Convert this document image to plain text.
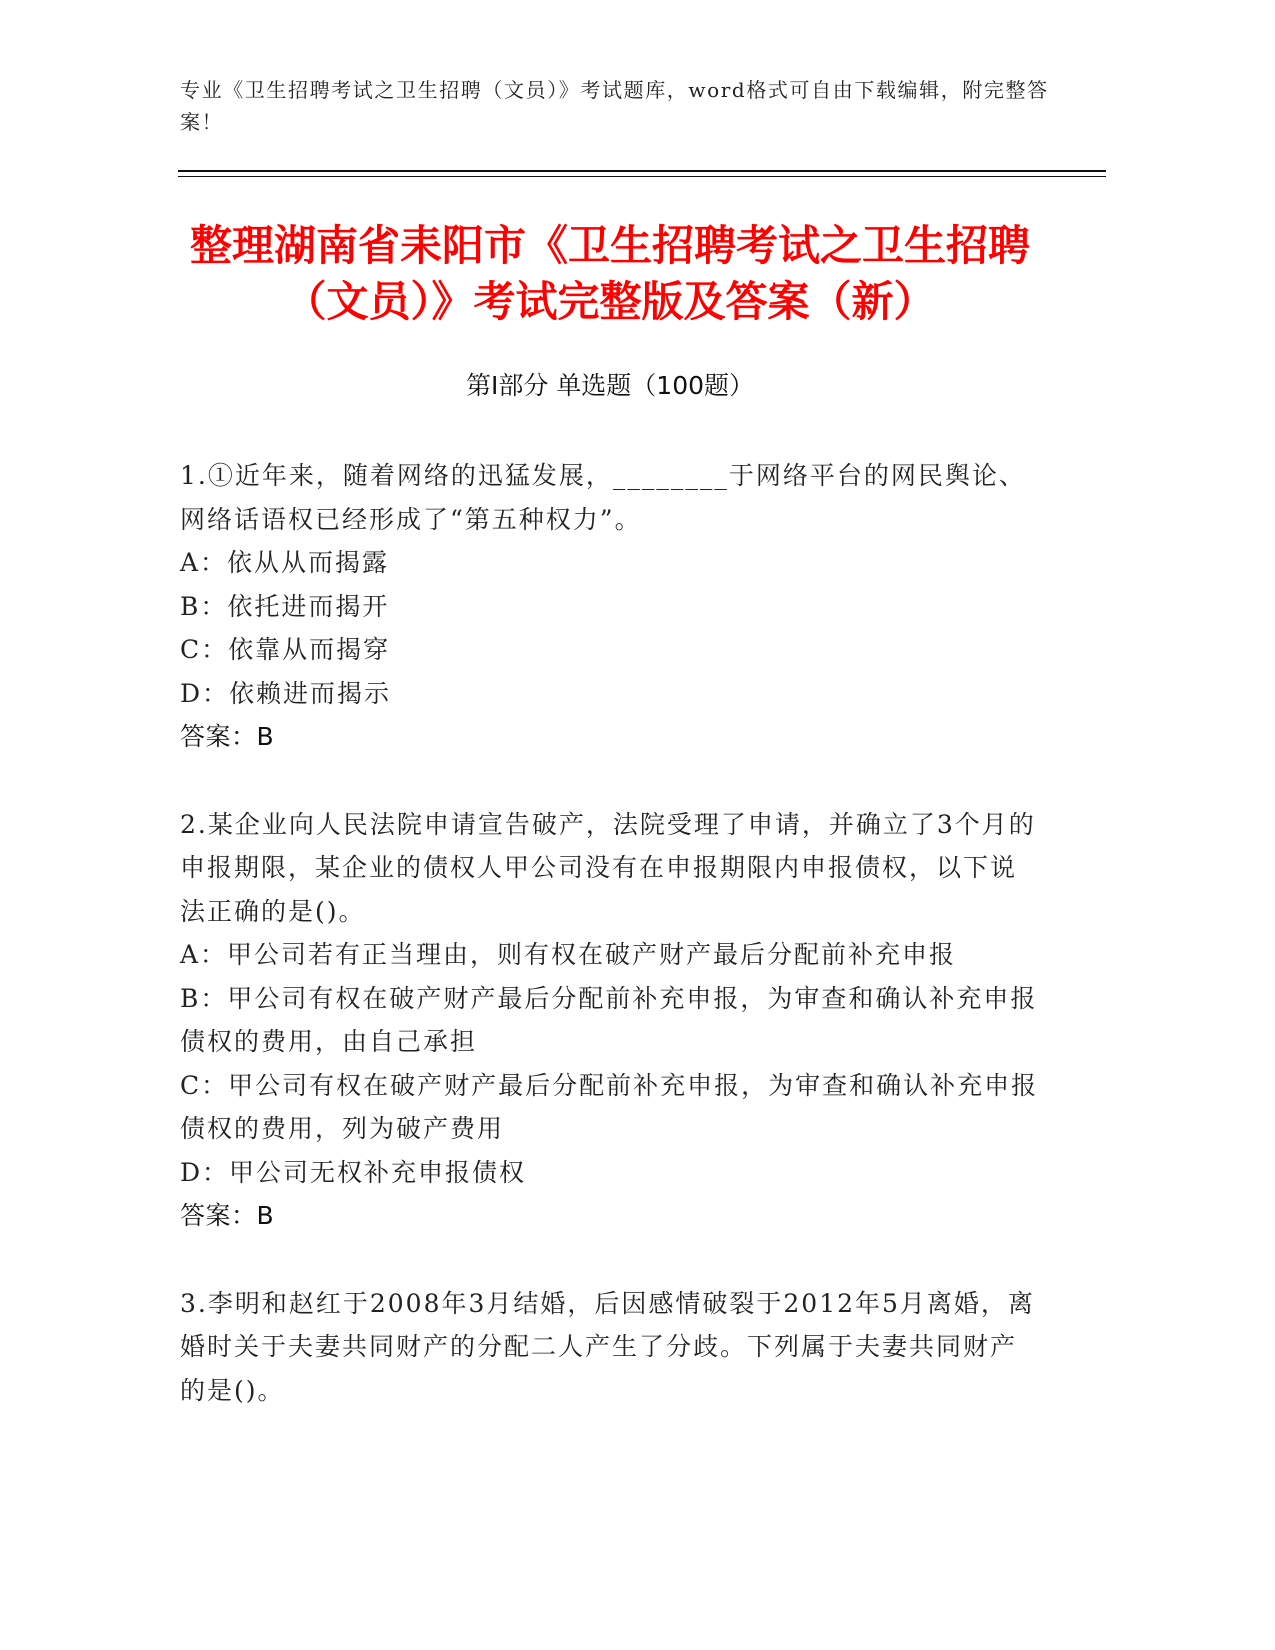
专业《卫生招聘考试之卫生招聘（文员）》考试题库，word格式可自由下载编辑，附完整答案！
整理湖南省耒阳市《卫生招聘考试之卫生招聘（文员）》考试完整版及答案（新）
第Ⅰ部分 单选题（100题）

1.①近年来，随着网络的迅猛发展，________于网络平台的网民舆论、网络话语权已经形成了“第五种权力”。

A：依从从而揭露

B：依托进而揭开

C：依靠从而揭穿

D：依赖进而揭示

答案：B

2.某企业向人民法院申请宣告破产，法院受理了申请，并确立了3个月的申报期限，某企业的债权人甲公司没有在申报期限内申报债权，以下说法正确的是()。

A：甲公司若有正当理由，则有权在破产财产最后分配前补充申报

B：甲公司有权在破产财产最后分配前补充申报，为审查和确认补充申报债权的费用，由自己承担

C：甲公司有权在破产财产最后分配前补充申报，为审查和确认补充申报债权的费用，列为破产费用

D：甲公司无权补充申报债权

答案：B

3.李明和赵红于2008年3月结婚，后因感情破裂于2012年5月离婚，离婚时关于夫妻共同财产的分配二人产生了分歧。下列属于夫妻共同财产的是()。
